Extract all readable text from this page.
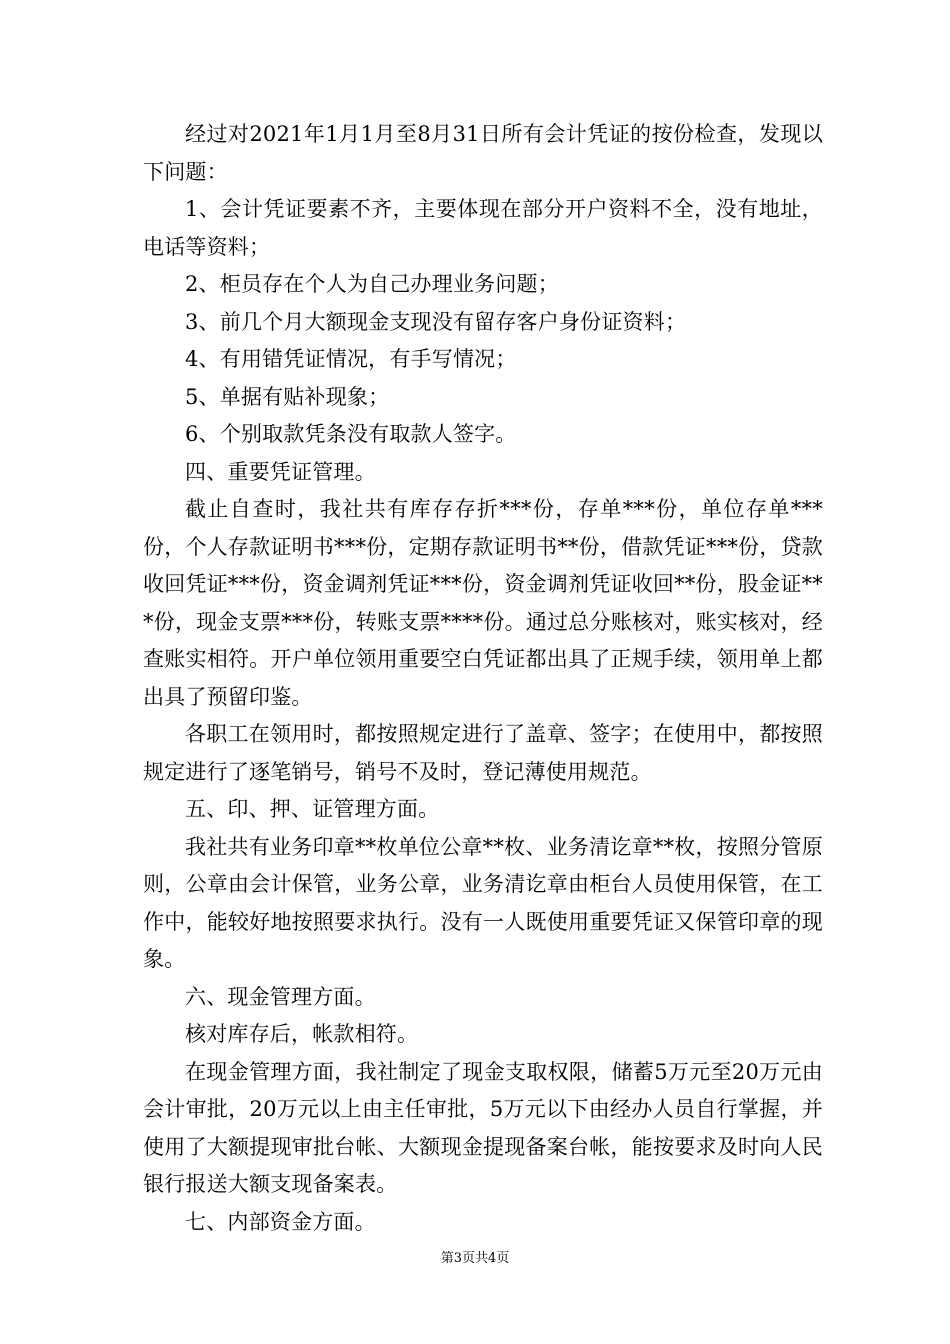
经过对2021年1月1月至8月31日所有会计凭证的按份检查，发现以下问题：

1、会计凭证要素不齐，主要体现在部分开户资料不全，没有地址，电话等资料；

2、柜员存在个人为自己办理业务问题；

3、前几个月大额现金支现没有留存客户身份证资料；

4、有用错凭证情况，有手写情况；

5、单据有贴补现象；

6、个别取款凭条没有取款人签字。

四、重要凭证管理。

截止自查时，我社共有库存存折***份，存单***份，单位存单***份，个人存款证明书***份，定期存款证明书**份，借款凭证***份，贷款收回凭证***份，资金调剂凭证***份，资金调剂凭证收回**份，股金证***份，现金支票***份，转账支票****份。通过总分账核对，账实核对，经查账实相符。开户单位领用重要空白凭证都出具了正规手续，领用单上都出具了预留印鉴。

各职工在领用时，都按照规定进行了盖章、签字；在使用中，都按照规定进行了逐笔销号，销号不及时，登记薄使用规范。

五、印、押、证管理方面。

我社共有业务印章**枚单位公章**枚、业务清讫章**枚，按照分管原则，公章由会计保管，业务公章，业务清讫章由柜台人员使用保管，在工作中，能较好地按照要求执行。没有一人既使用重要凭证又保管印章的现象。

六、现金管理方面。

核对库存后，帐款相符。

在现金管理方面，我社制定了现金支取权限，储蓄5万元至20万元由会计审批，20万元以上由主任审批，5万元以下由经办人员自行掌握，并使用了大额提现审批台帐、大额现金提现备案台帐，能按要求及时向人民银行报送大额支现备案表。

七、内部资金方面。

第3页共4页
